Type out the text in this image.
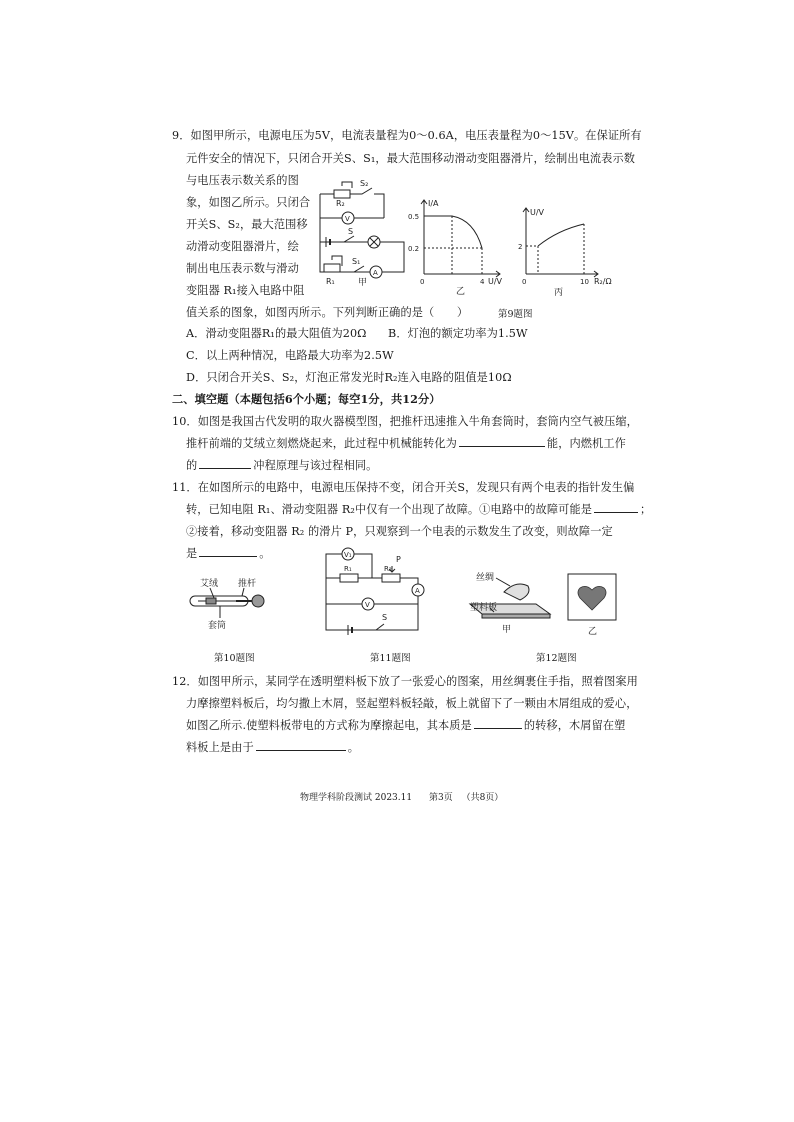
9．如图甲所示，电源电压为5V，电流表量程为0～0.6A，电压表量程为0～15V。在保证所有
元件安全的情况下，只闭合开关S、S₁，最大范围移动滑动变阻器滑片，绘制出电流表示数
与电压表示数关系的图
象，如图乙所示。只闭合
开关S、S₂，最大范围移
动滑动变阻器滑片，绘
制出电压表示数与滑动
变阻器 R₁接入电路中阻
值关系的图象，如图丙所示。下列判断正确的是（　　）	第9题图
A．滑动变阻器R₁的最大阻值为20Ω B．灯泡的额定功率为1.5W
C．以上两种情况，电路最大功率为2.5W
D．只闭合开关S、S₂，灯泡正常发光时R₂连入电路的阻值是10Ω
R₂
S₂
V
S
R₁
S₁
A
甲
I/A
0.5
0.2
0	4 U/V
乙
U/V
2
0	10 R₂/Ω
丙
二、填空题（本题包括6个小题；每空1分，共12分）
10．如图是我国古代发明的取火器模型图，把推杆迅速推入牛角套筒时，套筒内空气被压缩，
推杆前端的艾绒立刻燃烧起来，此过程中机械能转化为	能，内燃机工作
的	冲程原理与该过程相同。
11．在如图所示的电路中，电源电压保持不变，闭合开关S，发现只有两个电表的指针发生偏
转，已知电阻 R₁、滑动变阻器 R₂中仅有一个出现了故障。①电路中的故障可能是	；
②接着，移动变阻器 R₂ 的滑片 P，只观察到一个电表的示数发生了改变，则故障一定
是	。
艾绒 推杆
套筒
第10题图
V₁
R₁	R₂
P
V
A
S
第11题图
丝绸
塑料板
甲	乙
第12题图
12．如图甲所示，某同学在透明塑料板下放了一张爱心的图案，用丝绸裹住手指，照着图案用
力摩擦塑料板后，均匀撒上木屑，竖起塑料板轻敲，板上就留下了一颗由木屑组成的爱心，
如图乙所示.使塑料板带电的方式称为摩擦起电，其本质是	的转移，木屑留在塑
料板上是由于	。
物理学科阶段测试 2023.11 第3页 （共8页）
